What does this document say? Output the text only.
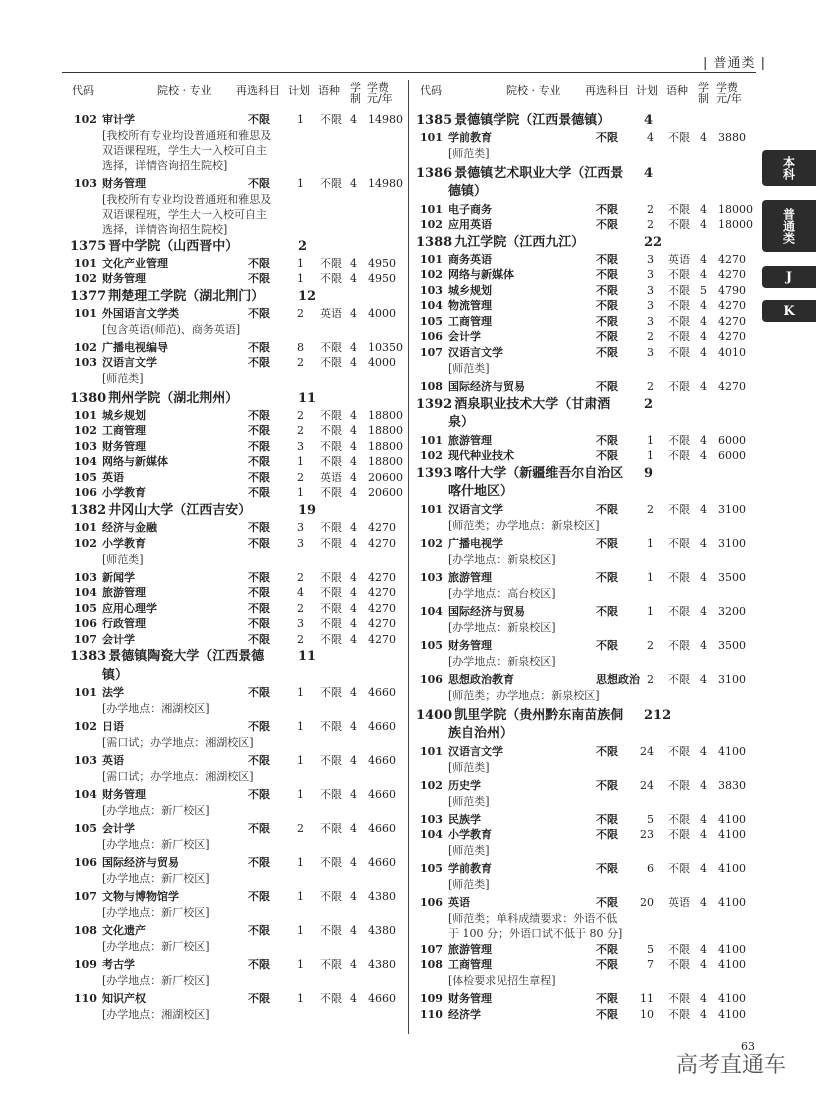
| 普通类 |
代码	院校 · 专业 再选科目 计划 语种 学制
学费元/年
代码	院校 · 专业 再选科目 计划 语种 学制
学费元/年
102 审计学	不限	1 不限 4 14980
[我校所有专业均设普通班和雅思及
双语课程班，学生大一入校可自主
选择，详情咨询招生院校]
103 财务管理	不限	1 不限 4 14980
[我校所有专业均设普通班和雅思及
双语课程班，学生大一入校可自主
选择，详情咨询招生院校]
1375 晋中学院（山西晋中）	2
101 文化产业管理	不限	1 不限 4 4950
102 财务管理	不限	1 不限 4 4950
1377 荆楚理工学院（湖北荆门）	12
101 外国语言文学类	不限	2 英语 4 4000
[包含英语(师范)、商务英语]
102 广播电视编导	不限	8 不限 4 10350
103 汉语言文学	不限	2 不限 4 4000
[师范类]
1380 荆州学院（湖北荆州）	11
101 城乡规划	不限	2 不限 4 18800
102 工商管理	不限	2 不限 4 18800
103 财务管理	不限	3 不限 4 18800
104 网络与新媒体	不限	1 不限 4 18800
105 英语	不限	2 英语 4 20600
106 小学教育	不限	1 不限 4 20600
1382 井冈山大学（江西吉安）	19
101 经济与金融	不限	3 不限 4 4270
102 小学教育	不限	3 不限 4 4270
[师范类]
103 新闻学	不限	2 不限 4 4270
104 旅游管理	不限	4 不限 4 4270
105 应用心理学	不限	2 不限 4 4270
106 行政管理	不限	3 不限 4 4270
107 会计学	不限	2 不限 4 4270
1383 景德镇陶瓷大学（江西景德	11
镇）
101 法学	不限	1 不限 4 4660
[办学地点：湘湖校区]
102 日语	不限	1 不限 4 4660
[需口试；办学地点：湘湖校区]
103 英语	不限	1 不限 4 4660
[需口试；办学地点：湘湖校区]
104 财务管理	不限	1 不限 4 4660
[办学地点：新厂校区]
105 会计学	不限	2 不限 4 4660
[办学地点：新厂校区]
106 国际经济与贸易	不限	1 不限 4 4660
[办学地点：新厂校区]
107 文物与博物馆学	不限	1 不限 4 4380
[办学地点：新厂校区]
108 文化遗产	不限	1 不限 4 4380
[办学地点：新厂校区]
109 考古学	不限	1 不限 4 4380
[办学地点：新厂校区]
110 知识产权	不限	1 不限 4 4660
[办学地点：湘湖校区]
1385 景德镇学院（江西景德镇）	4
101 学前教育	不限	4 不限 4 3880
[师范类]
1386 景德镇艺术职业大学（江西景 4
德镇）
101 电子商务	不限	2 不限 4 18000
102 应用英语	不限	2 不限 4 18000
1388 九江学院（江西九江）	22
101 商务英语	不限	3 英语 4 4270
102 网络与新媒体	不限	3 不限 4 4270
103 城乡规划	不限	3 不限 5 4790
104 物流管理	不限	3 不限 4 4270
105 工商管理	不限	3 不限 4 4270
106 会计学	不限	2 不限 4 4270
107 汉语言文学	不限	3 不限 4 4010
[师范类]
108 国际经济与贸易	不限	2 不限 4 4270
1392 酒泉职业技术大学（甘肃酒	2
泉）
101 旅游管理	不限	1 不限 4 6000
102 现代种业技术	不限	1 不限 4 6000
1393 喀什大学（新疆维吾尔自治区 9
喀什地区）
101 汉语言文学	不限	2 不限 4 3100
[师范类；办学地点：新泉校区]
102 广播电视学	不限	1 不限 4 3100
[办学地点：新泉校区]
103 旅游管理	不限	1 不限 4 3500
[办学地点：高台校区]
104 国际经济与贸易	不限	1 不限 4 3200
[办学地点：新泉校区]
105 财务管理	不限	2 不限 4 3500
[办学地点：新泉校区]
106 思想政治教育	思想政治 2 不限 4 3100
[师范类；办学地点：新泉校区]
1400 凯里学院（贵州黔东南苗族侗 212
族自治州）
101 汉语言文学	不限	24 不限 4 4100
[师范类]
102 历史学	不限	24 不限 4 3830
[师范类]
103 民族学	不限	5 不限 4 4100
104 小学教育	不限	23 不限 4 4100
[师范类]
105 学前教育	不限	6 不限 4 4100
[师范类]
106 英语	不限	20 英语 4 4100
[师范类；单科成绩要求：外语不低
于 100 分；外语口试不低于 80 分]
107 旅游管理	不限	5 不限 4 4100
108 工商管理	不限	7 不限 4 4100
[体检要求见招生章程]
109 财务管理	不限	11 不限 4 4100
110 经济学	不限	10 不限 4 4100
本科
普通类
J
K
63
高考直通车
